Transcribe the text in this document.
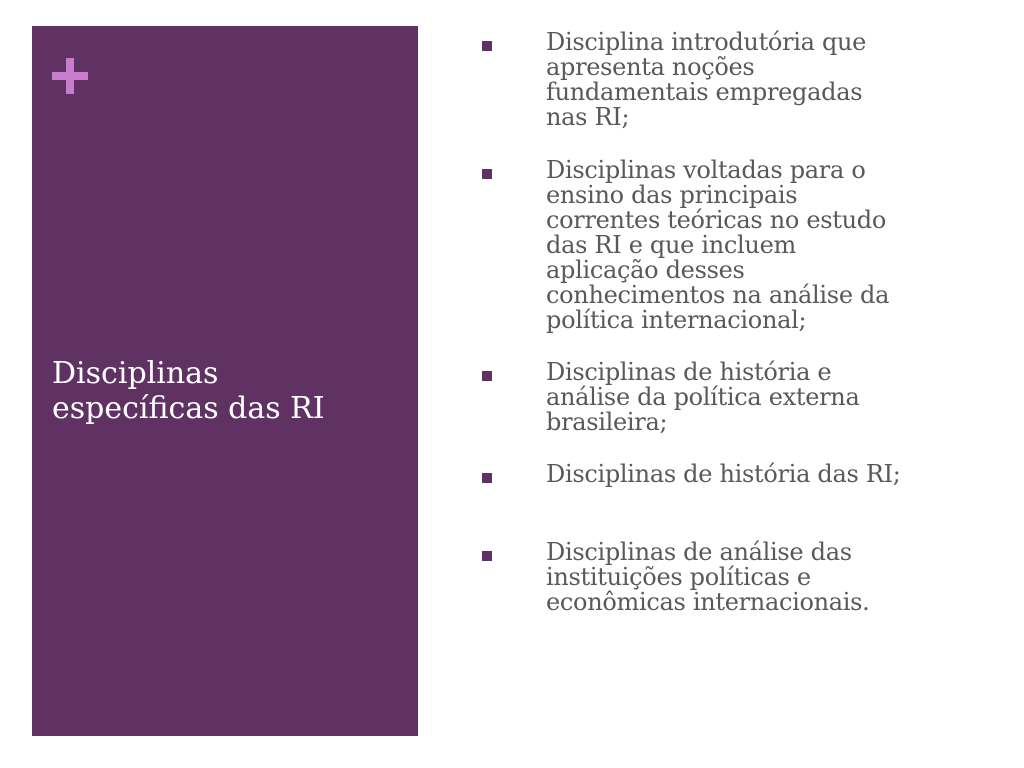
Disciplinas
específicas das RI
Disciplina introdutória que
apresenta noções
fundamentais empregadas
nas RI;
Disciplinas voltadas para o
ensino das principais
correntes teóricas no estudo
das RI e que incluem
aplicação desses
conhecimentos na análise da
política internacional;
Disciplinas de história e
análise da política externa
brasileira;
Disciplinas de história das RI;
Disciplinas de análise das
instituições políticas e
econômicas internacionais.
